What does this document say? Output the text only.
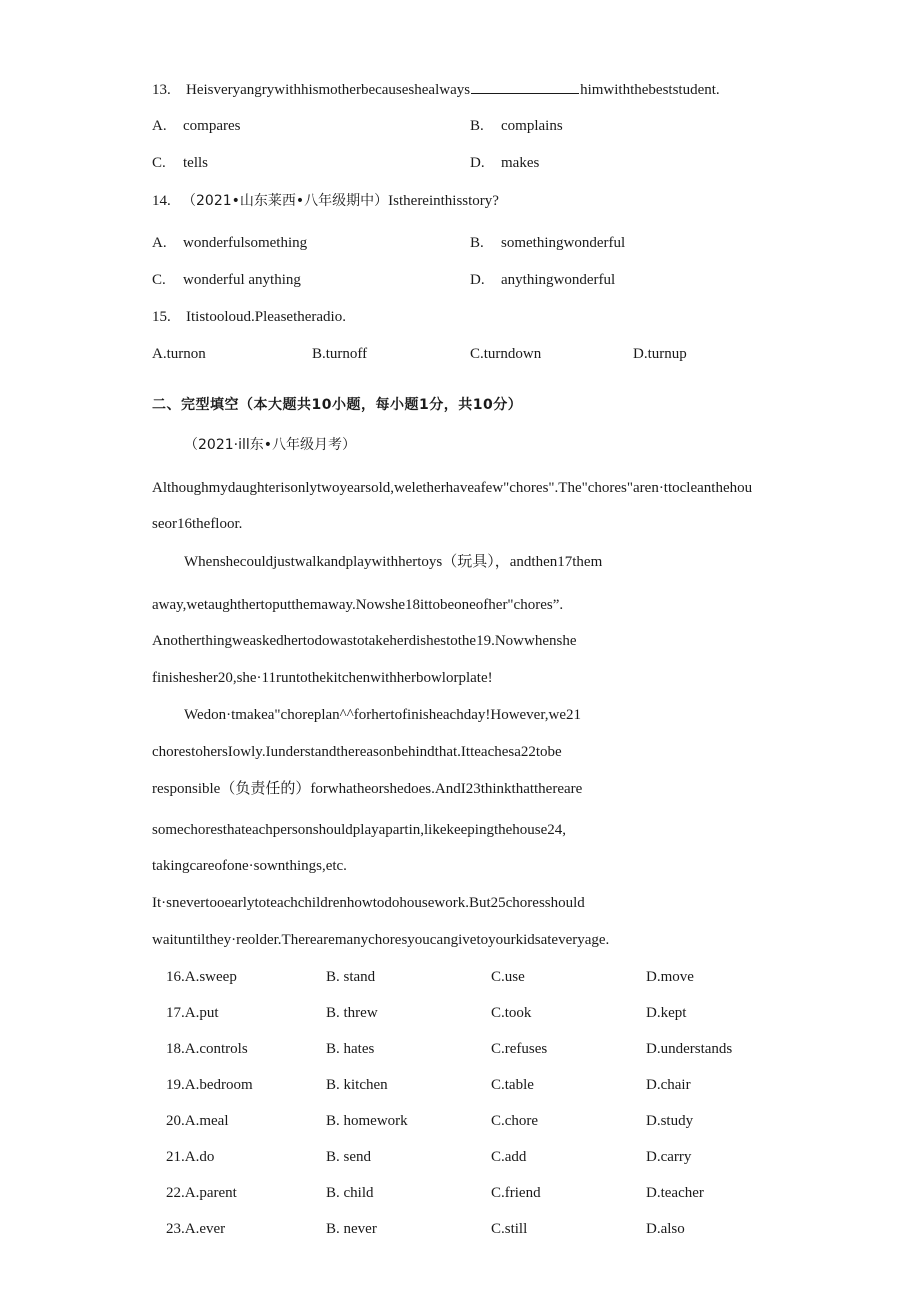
13. Heisveryangrywithhismotherbecauseshealways	himwiththebeststudent.
A. compares	B. complains
C. tells	D. makes
14. （2021•山东莱西•八年级期中）Isthereinthisstory?
A. wonderfulsomething	B. somethingwonderful
C. wonderful anything	D. anythingwonderful
15. Itistooloud.Pleasetheradio.
A.turnon	B.turnoff	C.turndown	D.turnup
二、完型填空（本大题共10小题，每小题1分，共10分）
（2021·ill东•八年级月考）
Althoughmydaughterisonlytwoyearsold,weletherhaveafew"chores".The"chores"aren·ttocleanthehou
seor16thefloor.
Whenshecouldjustwalkandplaywithhertoys（玩具），andthen17them
away,wetaughthertoputthemaway.Nowshe18ittobeoneofher"chores”.
Anotherthingweaskedhertodowastotakeherdishestothe19.Nowwhenshe
finishesher20,she·11runtothekitchenwithherbowlorplate!
Wedon·tmakea"choreplan^^forhertofinisheachday!However,we21
chorestohersIowly.Iunderstandthereasonbehindthat.Itteachesa22tobe
responsible（负责任的）forwhatheorshedoes.AndI23thinkthatthereare
somechoresthateachpersonshouldplayapartin,likekeepingthehouse24,
takingcareofone·sownthings,etc.
It·snevertooearlytoteachchildrenhowtodohousework.But25choresshould
waituntilthey·reolder.Therearemanychoresyoucangivetoyourkidsateveryage.
16.A.sweep	B. stand	C.use	D.move
17.A.put	B. threw	C.took	D.kept
18.A.controls	B. hates	C.refuses	D.understands
19.A.bedroom	B. kitchen	C.table	D.chair
20.A.meal	B. homework	C.chore	D.study
21.A.do	B. send	C.add	D.carry
22.A.parent	B. child	C.friend	D.teacher
23.A.ever	B. never	C.still	D.also
